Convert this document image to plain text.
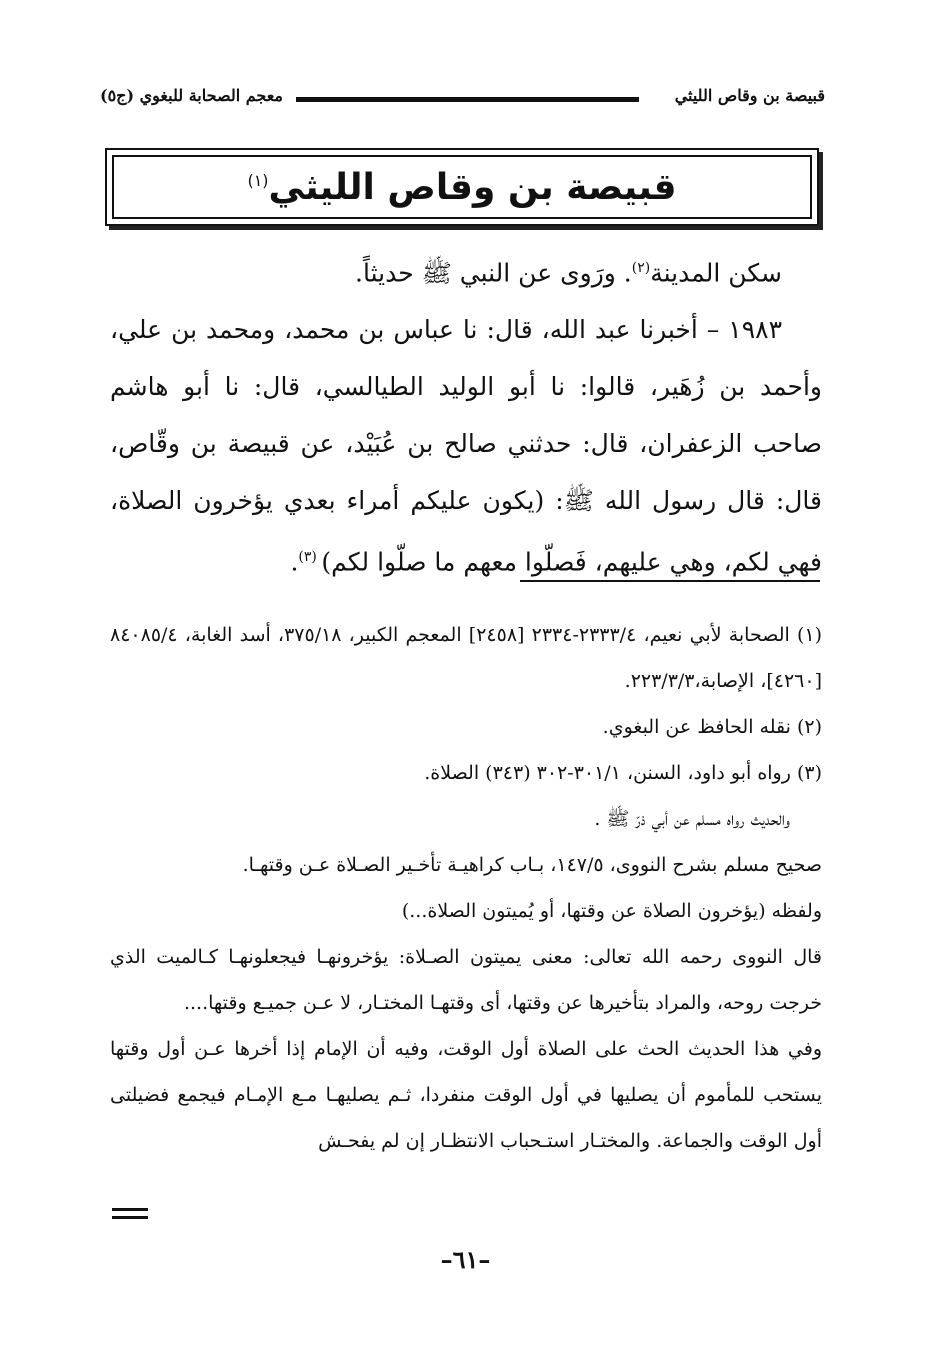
قبيصة بن وقاص الليثي
معجم الصحابة للبغوي (ج٥)
قبيصة بن وقاص الليثي$^{(١)}$

سكن المدينة$^{(٢)}$. ورَوى عن النبي ﷺ حديثاً.

١٩٨٣ – أخبرنا عبد الله، قال: نا عباس بن محمد، ومحمد بن علي، وأحمد بن زُهَير، قالوا: نا أبو الوليد الطيالسي، قال: نا أبو هاشم صاحب الزعفران، قال: حدثني صالح بن عُبَيْد، عن قبيصة بن وقّاص، قال: قال رسول الله ﷺ: (يكون عليكم أمراء بعدي يؤخرون الصلاة، فهي لكم، وهي عليهم، فَصلّوا معهم ما صلّوا لكم) $^{(٣)}$.

(١) الصحابة لأبي نعيم، ٢٣٣٣/٤-٢٣٣٤ [٢٤٥٨] المعجم الكبير، ٣٧٥/١٨، أسد الغابة، ٨٤٠٨٥/٤ [٤٢٦٠]، الإصابة،٢٢٣/٣/٣.

(٢) نقله الحافظ عن البغوي.

(٣) رواه أبو داود، السنن، ٣٠١/١-٣٠٢ (٣٤٣) الصلاة.

والحديث رواه مسلم عن أبي ذرّ ﷺ .

صحيح مسلم بشرح النووى، ١٤٧/٥، بـاب كراهيـة تأخـير الصـلاة عـن وقتهـا.

ولفظه (يؤخرون الصلاة عن وقتها، أو يُميتون الصلاة...)

قال النووى رحمه الله تعالى: معنى يميتون الصـلاة: يؤخرونهـا فيجعلونهـا كـالميت الذي خرجت روحه، والمراد بتأخيرها عن وقتها، أى وقتهـا المختـار، لا عـن جميـع وقتها....

وفي هذا الحديث الحث على الصلاة أول الوقت، وفيه أن الإمام إذا أخرها عـن أول وقتها يستحب للمأموم أن يصليها في أول الوقت منفردا، ثـم يصليهـا مـع الإمـام فيجمع فضيلتى أول الوقت والجماعة. والمختـار استـحباب الانتظـار إن لم يفحـش

–٦١–
